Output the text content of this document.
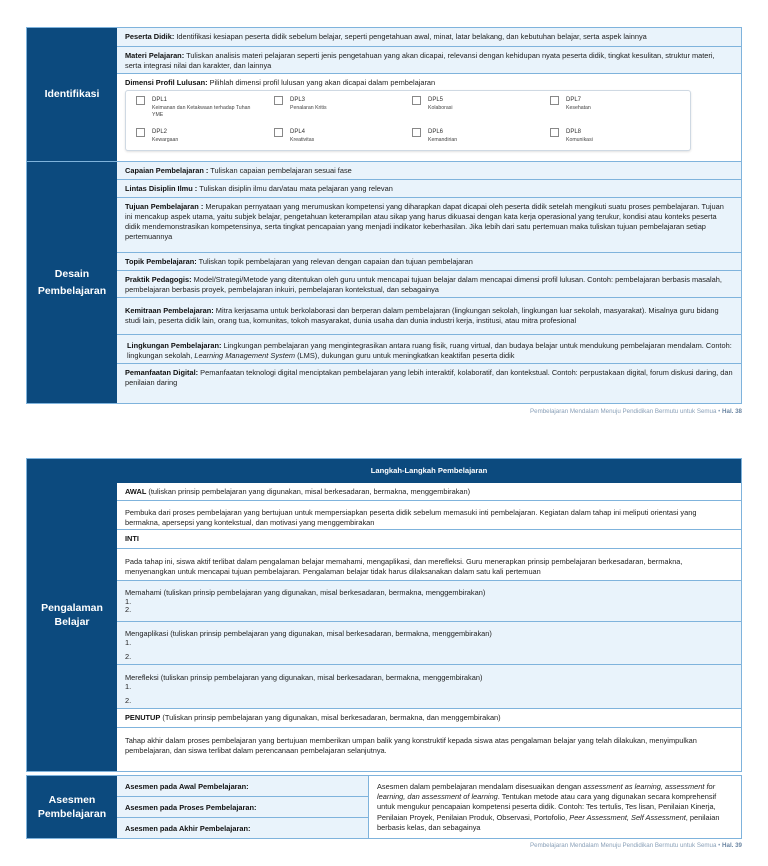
Identifikasi
Peserta Didik: Identifikasi kesiapan peserta didik sebelum belajar, seperti pengetahuan awal, minat, latar belakang, dan kebutuhan belajar, serta aspek lainnya
Materi Pelajaran: Tuliskan analisis materi pelajaran seperti jenis pengetahuan yang akan dicapai, relevansi dengan kehidupan nyata peserta didik, tingkat kesulitan, struktur materi, serta integrasi nilai dan karakter, dan lainnya
Dimensi Profil Lulusan: Pilihlah dimensi profil lulusan yang akan dicapai dalam pembelajaran
DPL1
Keimanan dan Ketakwaan terhadap Tuhan YME
DPL3
Penalaran Kritis
DPL5
Kolaborasi
DPL7
Kesehatan
DPL2
Kewargaan
DPL4
Kreativitas
DPL6
Kemandirian
DPL8
Komunikasi
Desain
Pembelajaran
Capaian Pembelajaran : Tuliskan capaian pembelajaran sesuai fase
Lintas Disiplin Ilmu : Tuliskan disiplin ilmu dan/atau mata pelajaran yang relevan
Tujuan Pembelajaran : Merupakan pernyataan yang merumuskan kompetensi yang diharapkan dapat dicapai oleh peserta didik setelah mengikuti suatu proses pembelajaran. Tujuan ini mencakup aspek utama, yaitu subjek belajar, pengetahuan keterampilan atau sikap yang harus dikuasai dengan kata kerja operasional yang terukur, kondisi atau konteks peserta didik mendemonstrasikan kompetensinya, serta tingkat pencapaian yang menjadi indikator keberhasilan. Jika lebih dari satu pertemuan maka tuliskan tujuan pembelajaran setiap pertemuannya
Topik Pembelajaran: Tuliskan topik pembelajaran yang relevan dengan capaian dan tujuan pembelajaran
Praktik Pedagogis: Model/Strategi/Metode yang ditentukan oleh guru untuk mencapai tujuan belajar dalam mencapai dimensi profil lulusan. Contoh: pembelajaran berbasis masalah, pembelajaran berbasis proyek, pembelajaran inkuiri, pembelajaran kontekstual, dan sebagainya
Kemitraan Pembelajaran: Mitra kerjasama untuk berkolaborasi dan berperan dalam pembelajaran (lingkungan sekolah, lingkungan luar sekolah, masyarakat). Misalnya guru bidang studi lain, peserta didik lain, orang tua, komunitas, tokoh masyarakat, dunia usaha dan dunia industri kerja, institusi, atau mitra profesional
Lingkungan Pembelajaran: Lingkungan pembelajaran yang mengintegrasikan antara ruang fisik, ruang virtual, dan budaya belajar untuk mendukung pembelajaran mendalam. Contoh: lingkungan sekolah, Learning Management System (LMS), dukungan guru untuk meningkatkan keaktifan peserta didik
Pemanfaatan Digital: Pemanfaatan teknologi digital menciptakan pembelajaran yang lebih interaktif, kolaboratif, dan kontekstual. Contoh: perpustakaan digital, forum diskusi daring, dan penilaian daring
Pembelajaran Mendalam Menuju Pendidikan Bermutu untuk Semua • Hal. 38
Pengalaman
Belajar
Langkah-Langkah Pembelajaran
AWAL (tuliskan prinsip pembelajaran yang digunakan, misal berkesadaran, bermakna, menggembirakan)
Pembuka dari proses pembelajaran yang bertujuan untuk mempersiapkan peserta didik sebelum memasuki inti pembelajaran. Kegiatan dalam tahap ini meliputi orientasi yang bermakna, apersepsi yang kontekstual, dan motivasi yang menggembirakan
INTI
Pada tahap ini, siswa aktif terlibat dalam pengalaman belajar memahami, mengaplikasi, dan merefleksi. Guru menerapkan prinsip pembelajaran berkesadaran, bermakna, menyenangkan untuk mencapai tujuan pembelajaran. Pengalaman belajar tidak harus dilaksanakan dalam satu kali pertemuan
Memahami (tuliskan prinsip pembelajaran yang digunakan, misal berkesadaran, bermakna, menggembirakan)
1.
2.
Mengaplikasi (tuliskan prinsip pembelajaran yang digunakan, misal berkesadaran, bermakna, menggembirakan)
1.
2.
Merefleksi (tuliskan prinsip pembelajaran yang digunakan, misal berkesadaran, bermakna, menggembirakan)
1.
2.
PENUTUP (Tuliskan prinsip pembelajaran yang digunakan, misal berkesadaran, bermakna, dan menggembirakan)
Tahap akhir dalam proses pembelajaran yang bertujuan memberikan umpan balik yang konstruktif kepada siswa atas pengalaman belajar yang telah dilakukan, menyimpulkan pembelajaran, dan siswa terlibat dalam perencanaan pembelajaran selanjutnya.
Asesmen
Pembelajaran
Asesmen pada Awal Pembelajaran:
Asesmen pada Proses Pembelajaran:
Asesmen pada Akhir Pembelajaran:
Asesmen dalam pembelajaran mendalam disesuaikan dengan assessment as learning, assessment for learning, dan assessment of learning. Tentukan metode atau cara yang digunakan secara komprehensif untuk mengukur pencapaian kompetensi peserta didik. Contoh: Tes tertulis, Tes lisan, Penilaian Kinerja, Penilaian Proyek, Penilaian Produk, Observasi, Portofolio, Peer Assessment, Self Assessment, penilaian berbasis kelas, dan sebagainya
Pembelajaran Mendalam Menuju Pendidikan Bermutu untuk Semua • Hal. 39
